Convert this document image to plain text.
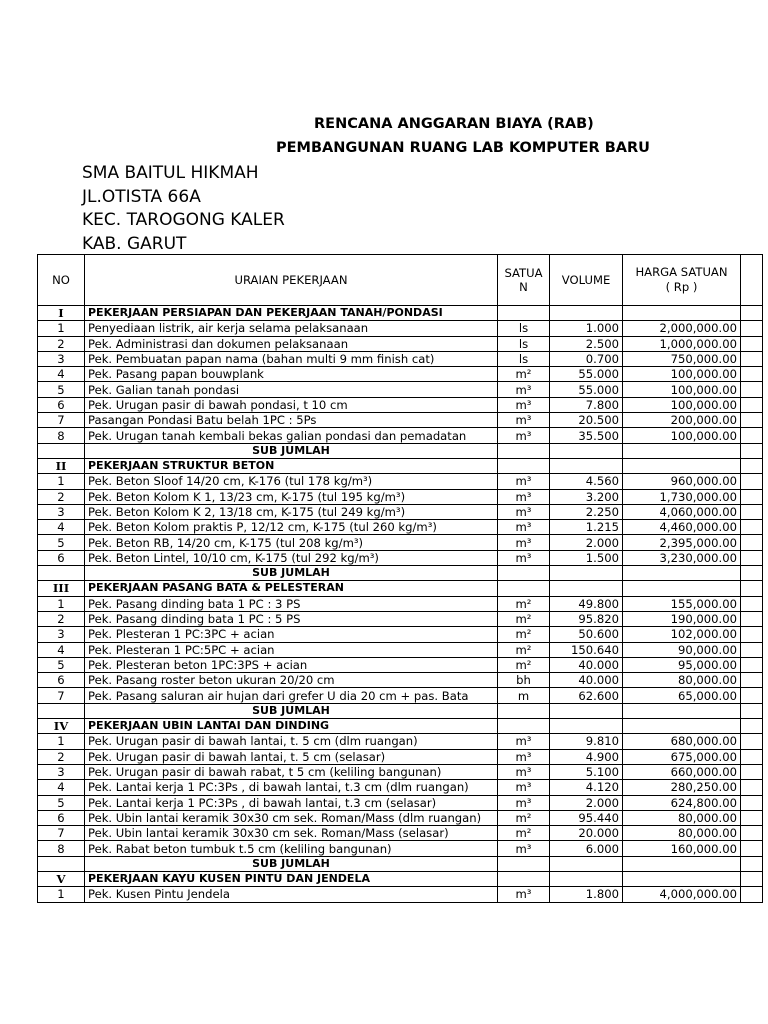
RENCANA ANGGARAN BIAYA (RAB)
PEMBANGUNAN RUANG LAB KOMPUTER BARU
SMA BAITUL HIKMAH
JL.OTISTA 66A
KEC. TAROGONG KALER
KAB. GARUT
NO	URAIAN PEKERJAAN	SATUAN	VOLUME	HARGA SATUAN
( Rp )	
I	PEKERJAAN PERSIAPAN DAN PEKERJAAN TANAH/PONDASI				
1	Penyediaan listrik, air kerja selama pelaksanaan	ls	1.000	2,000,000.00	
2	Pek. Administrasi dan dokumen pelaksanaan	ls	2.500	1,000,000.00	
3	Pek. Pembuatan papan nama (bahan multi 9 mm finish cat)	ls	0.700	750,000.00	
4	Pek. Pasang papan bouwplank	m²	55.000	100,000.00	
5	Pek. Galian tanah pondasi	m³	55.000	100,000.00	
6	Pek. Urugan pasir di bawah pondasi, t 10 cm	m³	7.800	100,000.00	
7	Pasangan Pondasi Batu belah 1PC : 5Ps	m³	20.500	200,000.00	
8	Pek. Urugan tanah kembali bekas galian pondasi dan pemadatan	m³	35.500	100,000.00	
	SUB JUMLAH				
II	PEKERJAAN STRUKTUR BETON				
1	Pek. Beton Sloof 14/20 cm, K-176 (tul 178 kg/m³)	m³	4.560	960,000.00	
2	Pek. Beton Kolom K 1, 13/23 cm, K-175 (tul 195 kg/m³)	m³	3.200	1,730,000.00	
3	Pek. Beton Kolom K 2, 13/18 cm, K-175 (tul 249 kg/m³)	m³	2.250	4,060,000.00	
4	Pek. Beton Kolom praktis P, 12/12 cm, K-175 (tul 260 kg/m³)	m³	1.215	4,460,000.00	
5	Pek. Beton RB, 14/20 cm, K-175 (tul 208 kg/m³)	m³	2.000	2,395,000.00	
6	Pek. Beton Lintel, 10/10 cm, K-175 (tul 292 kg/m³)	m³	1.500	3,230,000.00	
	SUB JUMLAH				
III	PEKERJAAN PASANG BATA & PELESTERAN				
1	Pek. Pasang dinding bata 1 PC : 3 PS	m²	49.800	155,000.00	
2	Pek. Pasang dinding bata 1 PC : 5 PS	m²	95.820	190,000.00	
3	Pek. Plesteran 1 PC:3PC + acian	m²	50.600	102,000.00	
4	Pek. Plesteran 1 PC:5PC + acian	m²	150.640	90,000.00	
5	Pek. Plesteran beton 1PC:3PS + acian	m²	40.000	95,000.00	
6	Pek. Pasang roster beton ukuran 20/20 cm	bh	40.000	80,000.00	
7	Pek. Pasang saluran air hujan dari grefer U dia 20 cm + pas. Bata	m	62.600	65,000.00	
	SUB JUMLAH				
IV	PEKERJAAN UBIN LANTAI DAN DINDING				
1	Pek. Urugan pasir di bawah lantai, t. 5 cm (dlm ruangan)	m³	9.810	680,000.00	
2	Pek. Urugan pasir di bawah lantai, t. 5 cm (selasar)	m³	4.900	675,000.00	
3	Pek. Urugan pasir di bawah rabat, t 5 cm (keliling bangunan)	m³	5.100	660,000.00	
4	Pek. Lantai kerja 1 PC:3Ps , di bawah lantai, t.3 cm (dlm ruangan)	m³	4.120	280,250.00	
5	Pek. Lantai kerja 1 PC:3Ps , di bawah lantai, t.3 cm (selasar)	m³	2.000	624,800.00	
6	Pek. Ubin lantai keramik 30x30 cm sek. Roman/Mass (dlm ruangan)	m²	95.440	80,000.00	
7	Pek. Ubin lantai keramik 30x30 cm sek. Roman/Mass (selasar)	m²	20.000	80,000.00	
8	Pek. Rabat beton tumbuk t.5 cm (keliling bangunan)	m³	6.000	160,000.00	
	SUB JUMLAH				
V	PEKERJAAN KAYU KUSEN PINTU DAN JENDELA				
1	Pek. Kusen Pintu Jendela	m³	1.800	4,000,000.00	
